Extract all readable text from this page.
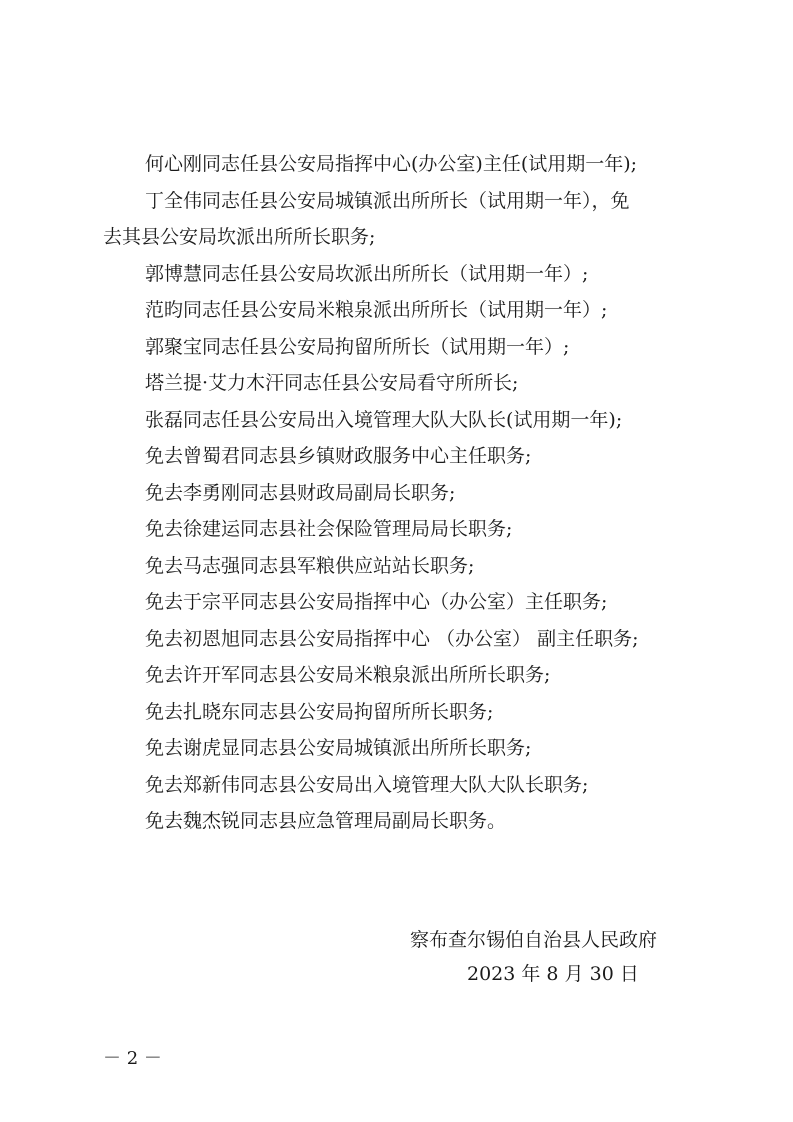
何心刚同志任县公安局指挥中心(办公室)主任(试用期一年);
丁全伟同志任县公安局城镇派出所所长（试用期一年），免
去其县公安局坎派出所所长职务;
郭博慧同志任县公安局坎派出所所长（试用期一年）;
范昀同志任县公安局米粮泉派出所所长（试用期一年）;
郭聚宝同志任县公安局拘留所所长（试用期一年）;
塔兰提·艾力木汗同志任县公安局看守所所长;
张磊同志任县公安局出入境管理大队大队长(试用期一年);
免去曾蜀君同志县乡镇财政服务中心主任职务;
免去李勇刚同志县财政局副局长职务;
免去徐建运同志县社会保险管理局局长职务;
免去马志强同志县军粮供应站站长职务;
免去于宗平同志县公安局指挥中心（办公室）主任职务;
免去初恩旭同志县公安局指挥中心 （办公室） 副主任职务;
免去许开军同志县公安局米粮泉派出所所长职务;
免去扎晓东同志县公安局拘留所所长职务;
免去谢虎显同志县公安局城镇派出所所长职务;
免去郑新伟同志县公安局出入境管理大队大队长职务;
免去魏杰锐同志县应急管理局副局长职务。
察布查尔锡伯自治县人民政府
2023 年 8 月 30 日
－ 2 －
